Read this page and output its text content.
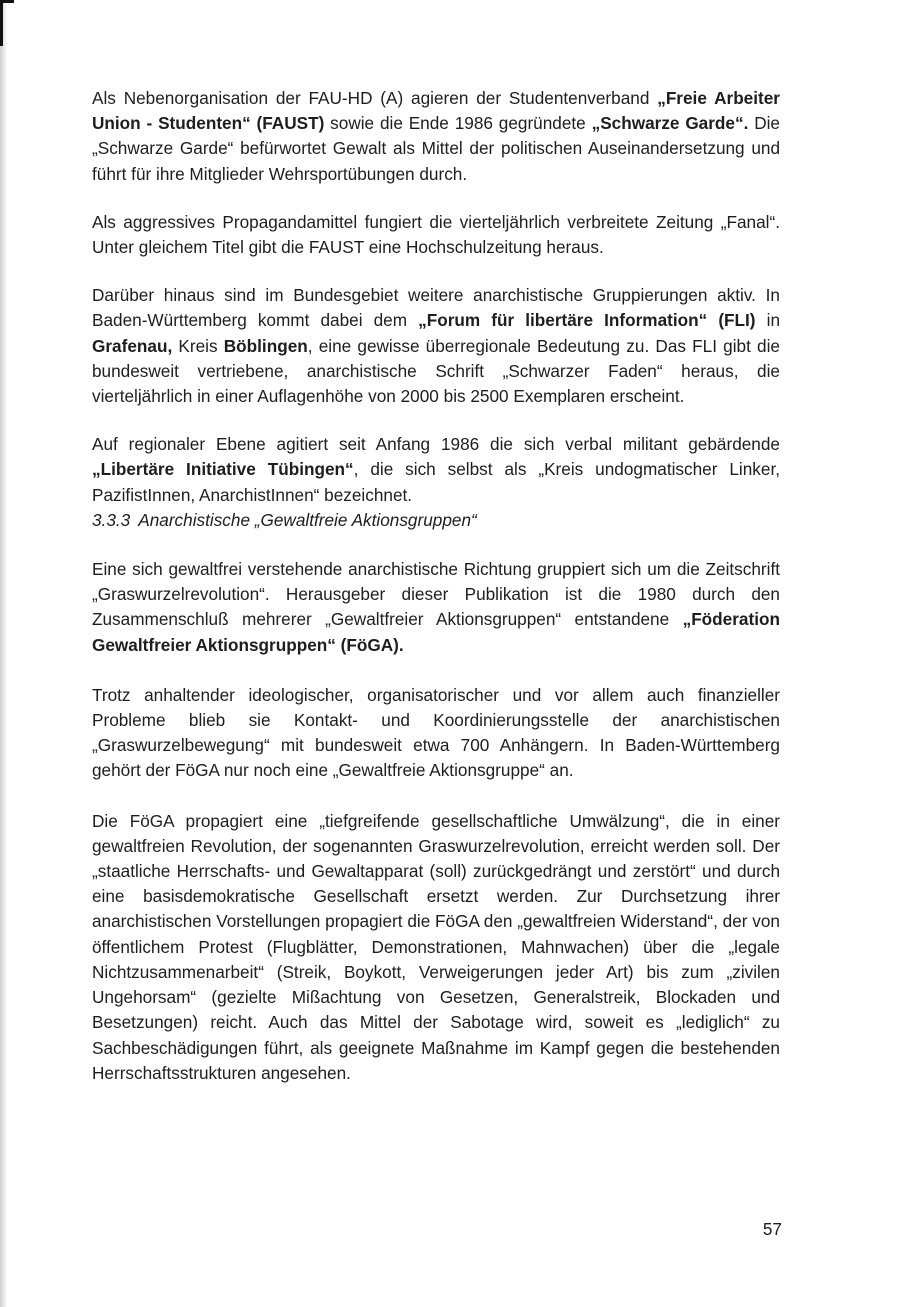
Als Nebenorganisation der FAU-HD (A) agieren der Studentenverband „Freie Arbeiter Union - Studenten“ (FAUST) sowie die Ende 1986 gegründete „Schwarze Garde“. Die „Schwarze Garde“ befürwortet Gewalt als Mittel der politischen Auseinandersetzung und führt für ihre Mitglieder Wehrsportübungen durch.

Als aggressives Propagandamittel fungiert die vierteljährlich verbreitete Zeitung „Fanal“. Unter gleichem Titel gibt die FAUST eine Hochschulzeitung heraus.

Darüber hinaus sind im Bundesgebiet weitere anarchistische Gruppierungen aktiv. In Baden-Württemberg kommt dabei dem „Forum für libertäre Information“ (FLI) in Grafenau, Kreis Böblingen, eine gewisse überregionale Bedeutung zu. Das FLI gibt die bundesweit vertriebene, anarchistische Schrift „Schwarzer Faden“ heraus, die vierteljährlich in einer Auflagenhöhe von 2000 bis 2500 Exemplaren erscheint.

Auf regionaler Ebene agitiert seit Anfang 1986 die sich verbal militant gebärdende „Libertäre Initiative Tübingen“, die sich selbst als „Kreis undogmatischer Linker, PazifistInnen, AnarchistInnen“ bezeichnet.

3.3.3 Anarchistische „Gewaltfreie Aktionsgruppen“

Eine sich gewaltfrei verstehende anarchistische Richtung gruppiert sich um die Zeitschrift „Graswurzelrevolution“. Herausgeber dieser Publikation ist die 1980 durch den Zusammenschluß mehrerer „Gewaltfreier Aktionsgruppen“ entstandene „Föderation Gewaltfreier Aktionsgruppen“ (FöGA).

Trotz anhaltender ideologischer, organisatorischer und vor allem auch finanzieller Probleme blieb sie Kontakt- und Koordinierungsstelle der anarchistischen „Graswurzelbewegung“ mit bundesweit etwa 700 Anhängern. In Baden-Württemberg gehört der FöGA nur noch eine „Gewaltfreie Aktionsgruppe“ an.

Die FöGA propagiert eine „tiefgreifende gesellschaftliche Umwälzung“, die in einer gewaltfreien Revolution, der sogenannten Graswurzelrevolution, erreicht werden soll. Der „staatliche Herrschafts- und Gewaltapparat (soll) zurückgedrängt und zerstört“ und durch eine basisdemokratische Gesellschaft ersetzt werden. Zur Durchsetzung ihrer anarchistischen Vorstellungen propagiert die FöGA den „gewaltfreien Widerstand“, der von öffentlichem Protest (Flugblätter, Demonstrationen, Mahnwachen) über die „legale Nichtzusammenarbeit“ (Streik, Boykott, Verweigerungen jeder Art) bis zum „zivilen Ungehorsam“ (gezielte Mißachtung von Gesetzen, Generalstreik, Blockaden und Besetzungen) reicht. Auch das Mittel der Sabotage wird, soweit es „lediglich“ zu Sachbeschädigungen führt, als geeignete Maßnahme im Kampf gegen die bestehenden Herrschaftsstrukturen angesehen.

57
